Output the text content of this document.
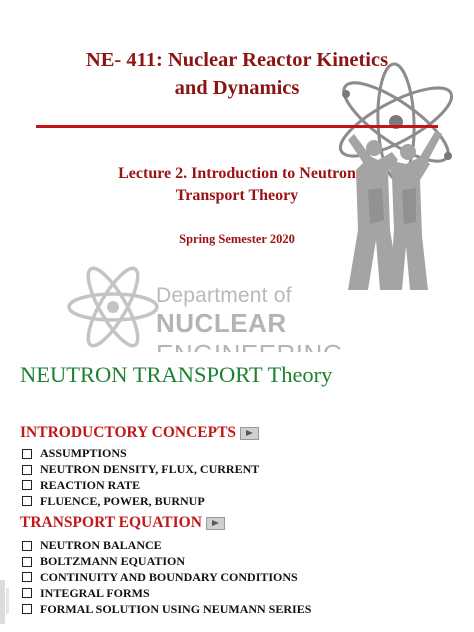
NE- 411: Nuclear Reactor Kinetics
and Dynamics
Lecture 2. Introduction to Neutron
Transport Theory
Spring Semester 2020
Department of
NUCLEAR
NEUTRON TRANSPORT Theory
INTRODUCTORY CONCEPTS
ASSUMPTIONS
NEUTRON DENSITY, FLUX, CURRENT
REACTION RATE
FLUENCE, POWER, BURNUP
TRANSPORT EQUATION
NEUTRON BALANCE
BOLTZMANN EQUATION
CONTINUITY AND BOUNDARY CONDITIONS
INTEGRAL FORMS
FORMAL SOLUTION USING NEUMANN SERIES
